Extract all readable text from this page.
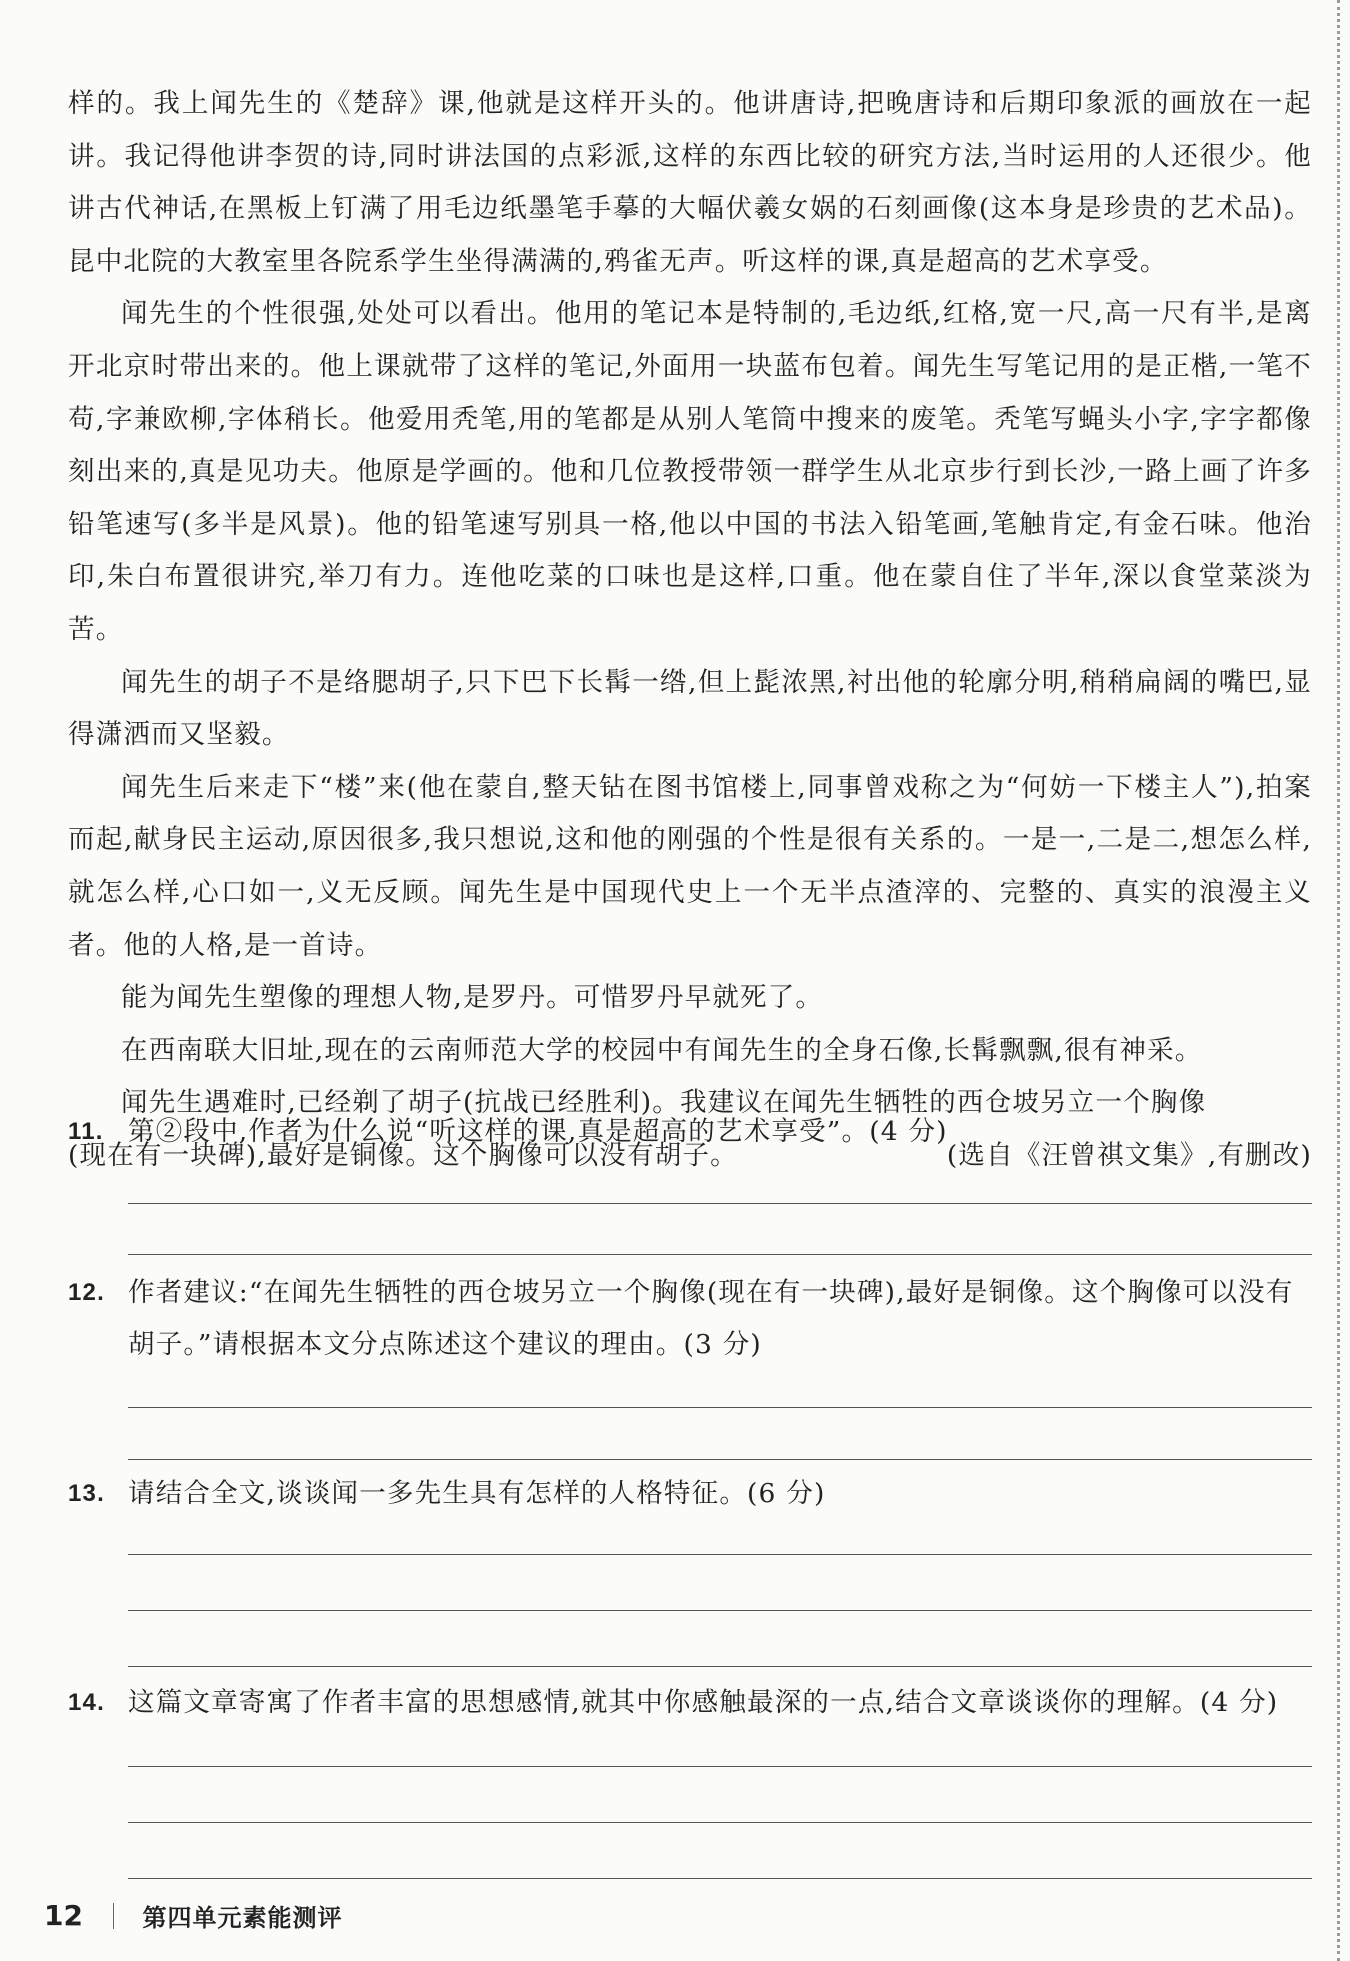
样的。我上闻先生的《楚辞》课,他就是这样开头的。他讲唐诗,把晚唐诗和后期印象派的画放在一起讲。我记得他讲李贺的诗,同时讲法国的点彩派,这样的东西比较的研究方法,当时运用的人还很少。他讲古代神话,在黑板上钉满了用毛边纸墨笔手摹的大幅伏羲女娲的石刻画像(这本身是珍贵的艺术品)。昆中北院的大教室里各院系学生坐得满满的,鸦雀无声。听这样的课,真是超高的艺术享受。

闻先生的个性很强,处处可以看出。他用的笔记本是特制的,毛边纸,红格,宽一尺,高一尺有半,是离开北京时带出来的。他上课就带了这样的笔记,外面用一块蓝布包着。闻先生写笔记用的是正楷,一笔不苟,字兼欧柳,字体稍长。他爱用秃笔,用的笔都是从别人笔筒中搜来的废笔。秃笔写蝇头小字,字字都像刻出来的,真是见功夫。他原是学画的。他和几位教授带领一群学生从北京步行到长沙,一路上画了许多铅笔速写(多半是风景)。他的铅笔速写别具一格,他以中国的书法入铅笔画,笔触肯定,有金石味。他治印,朱白布置很讲究,举刀有力。连他吃菜的口味也是这样,口重。他在蒙自住了半年,深以食堂菜淡为苦。

闻先生的胡子不是络腮胡子,只下巴下长髯一绺,但上髭浓黑,衬出他的轮廓分明,稍稍扁阔的嘴巴,显得潇洒而又坚毅。

闻先生后来走下“楼”来(他在蒙自,整天钻在图书馆楼上,同事曾戏称之为“何妨一下楼主人”),拍案而起,献身民主运动,原因很多,我只想说,这和他的刚强的个性是很有关系的。一是一,二是二,想怎么样,就怎么样,心口如一,义无反顾。闻先生是中国现代史上一个无半点渣滓的、完整的、真实的浪漫主义者。他的人格,是一首诗。

能为闻先生塑像的理想人物,是罗丹。可惜罗丹早就死了。

在西南联大旧址,现在的云南师范大学的校园中有闻先生的全身石像,长髯飘飘,很有神采。

闻先生遇难时,已经剃了胡子(抗战已经胜利)。我建议在闻先生牺牲的西仓坡另立一个胸像

(现在有一块碑),最好是铜像。这个胸像可以没有胡子。	(选自《汪曾祺文集》,有删改)
11. 第②段中,作者为什么说“听这样的课,真是超高的艺术享受”。(4 分)
12. 作者建议:“在闻先生牺牲的西仓坡另立一个胸像(现在有一块碑),最好是铜像。这个胸像可以没有胡子。”请根据本文分点陈述这个建议的理由。(3 分)
13. 请结合全文,谈谈闻一多先生具有怎样的人格特征。(6 分)
14. 这篇文章寄寓了作者丰富的思想感情,就其中你感触最深的一点,结合文章谈谈你的理解。(4 分)
12 第四单元素能测评
